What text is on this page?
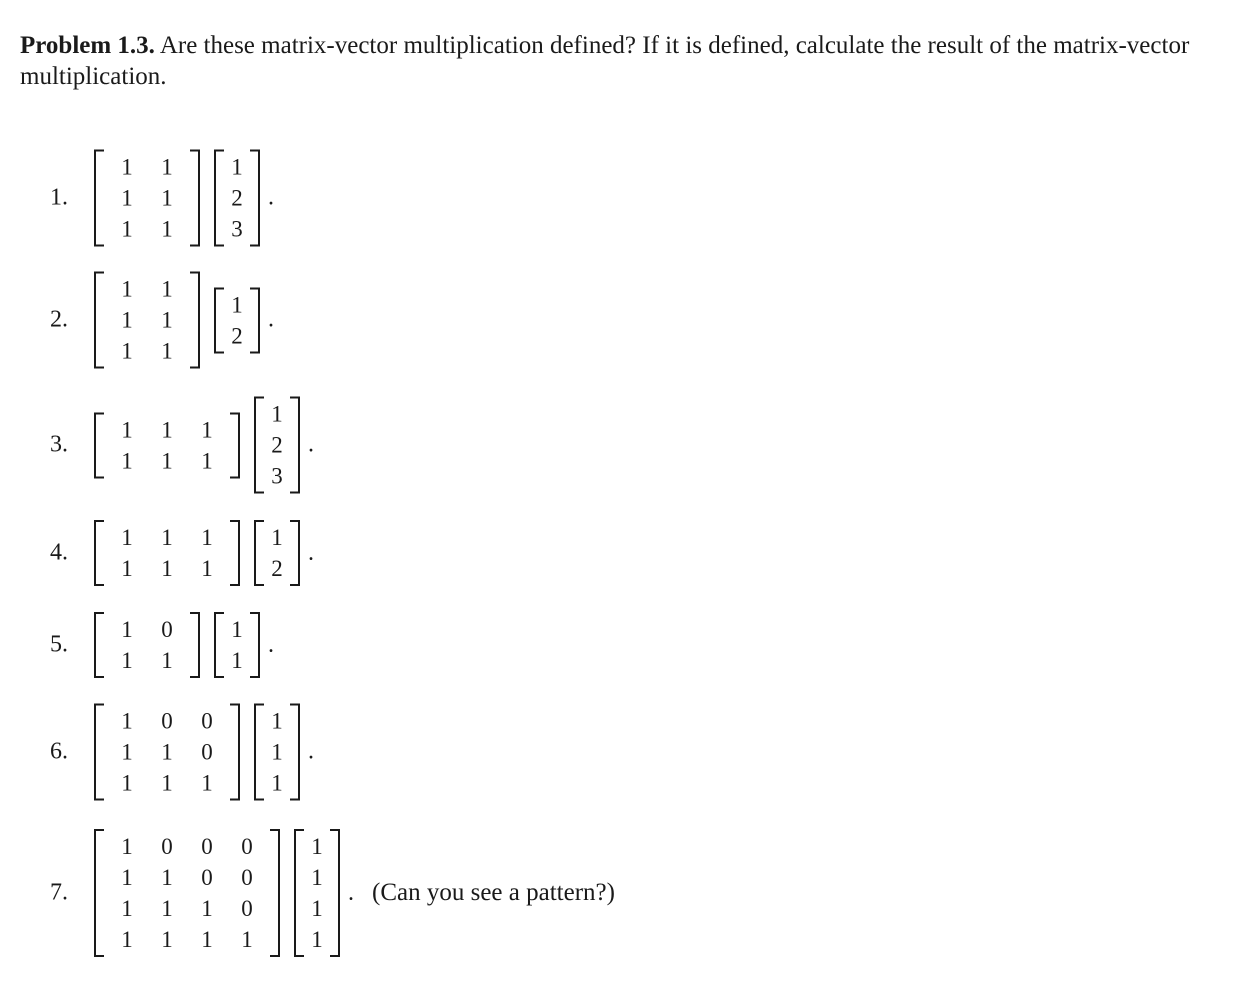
Problem 1.3. Are these matrix-vector multiplication defined? If it is defined, calculate the result of the matrix-vector multiplication.
1.
1	1
1	1
1	1
1
2
3
.
2.
1	1
1	1
1	1
1
2
.
3.
1	1	1
1	1	1
1
2
3
.
4.
1	1	1
1	1	1
1
2
.
5.
1	0
1	1
1
1
.
6.
1	0	0
1	1	0
1	1	1
1
1
1
.
7.
1	0	0	0
1	1	0	0
1	1	1	0
1	1	1	1
1
1
1
1
. (Can you see a pattern?)
